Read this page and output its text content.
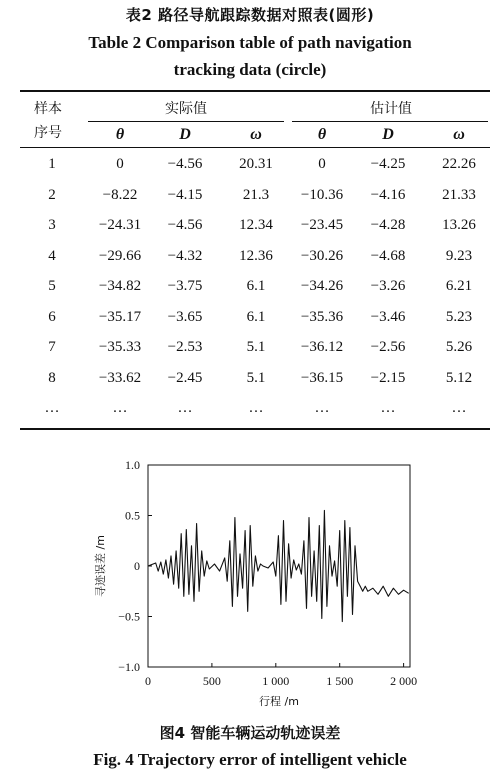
表2 路径导航跟踪数据对照表(圆形)
Table 2 Comparison table of path navigation
tracking data (circle)
样本
序号
实际值	估计值
θ	D	ω	θ	D	ω
1	0	−4.56	20.31	0	−4.25	22.26
2	−8.22	−4.15	21.3	−10.36	−4.16	21.33
3	−24.31	−4.56	12.34	−23.45	−4.28	13.26
4	−29.66	−4.32	12.36	−30.26	−4.68	9.23
5	−34.82	−3.75	6.1	−34.26	−3.26	6.21
6	−35.17	−3.65	6.1	−35.36	−3.46	5.23
7	−35.33	−2.53	5.1	−36.12	−2.56	5.26
8	−33.62	−2.45	5.1	−36.15	−2.15	5.12
…	…	…	…	…	…	…
1.0
0.5
0
−0.5
−1.0
0	500	1 000	1 500	2 000
行程 /m
寻迹误差 /m
图4 智能车辆运动轨迹误差
Fig. 4 Trajectory error of intelligent vehicle
